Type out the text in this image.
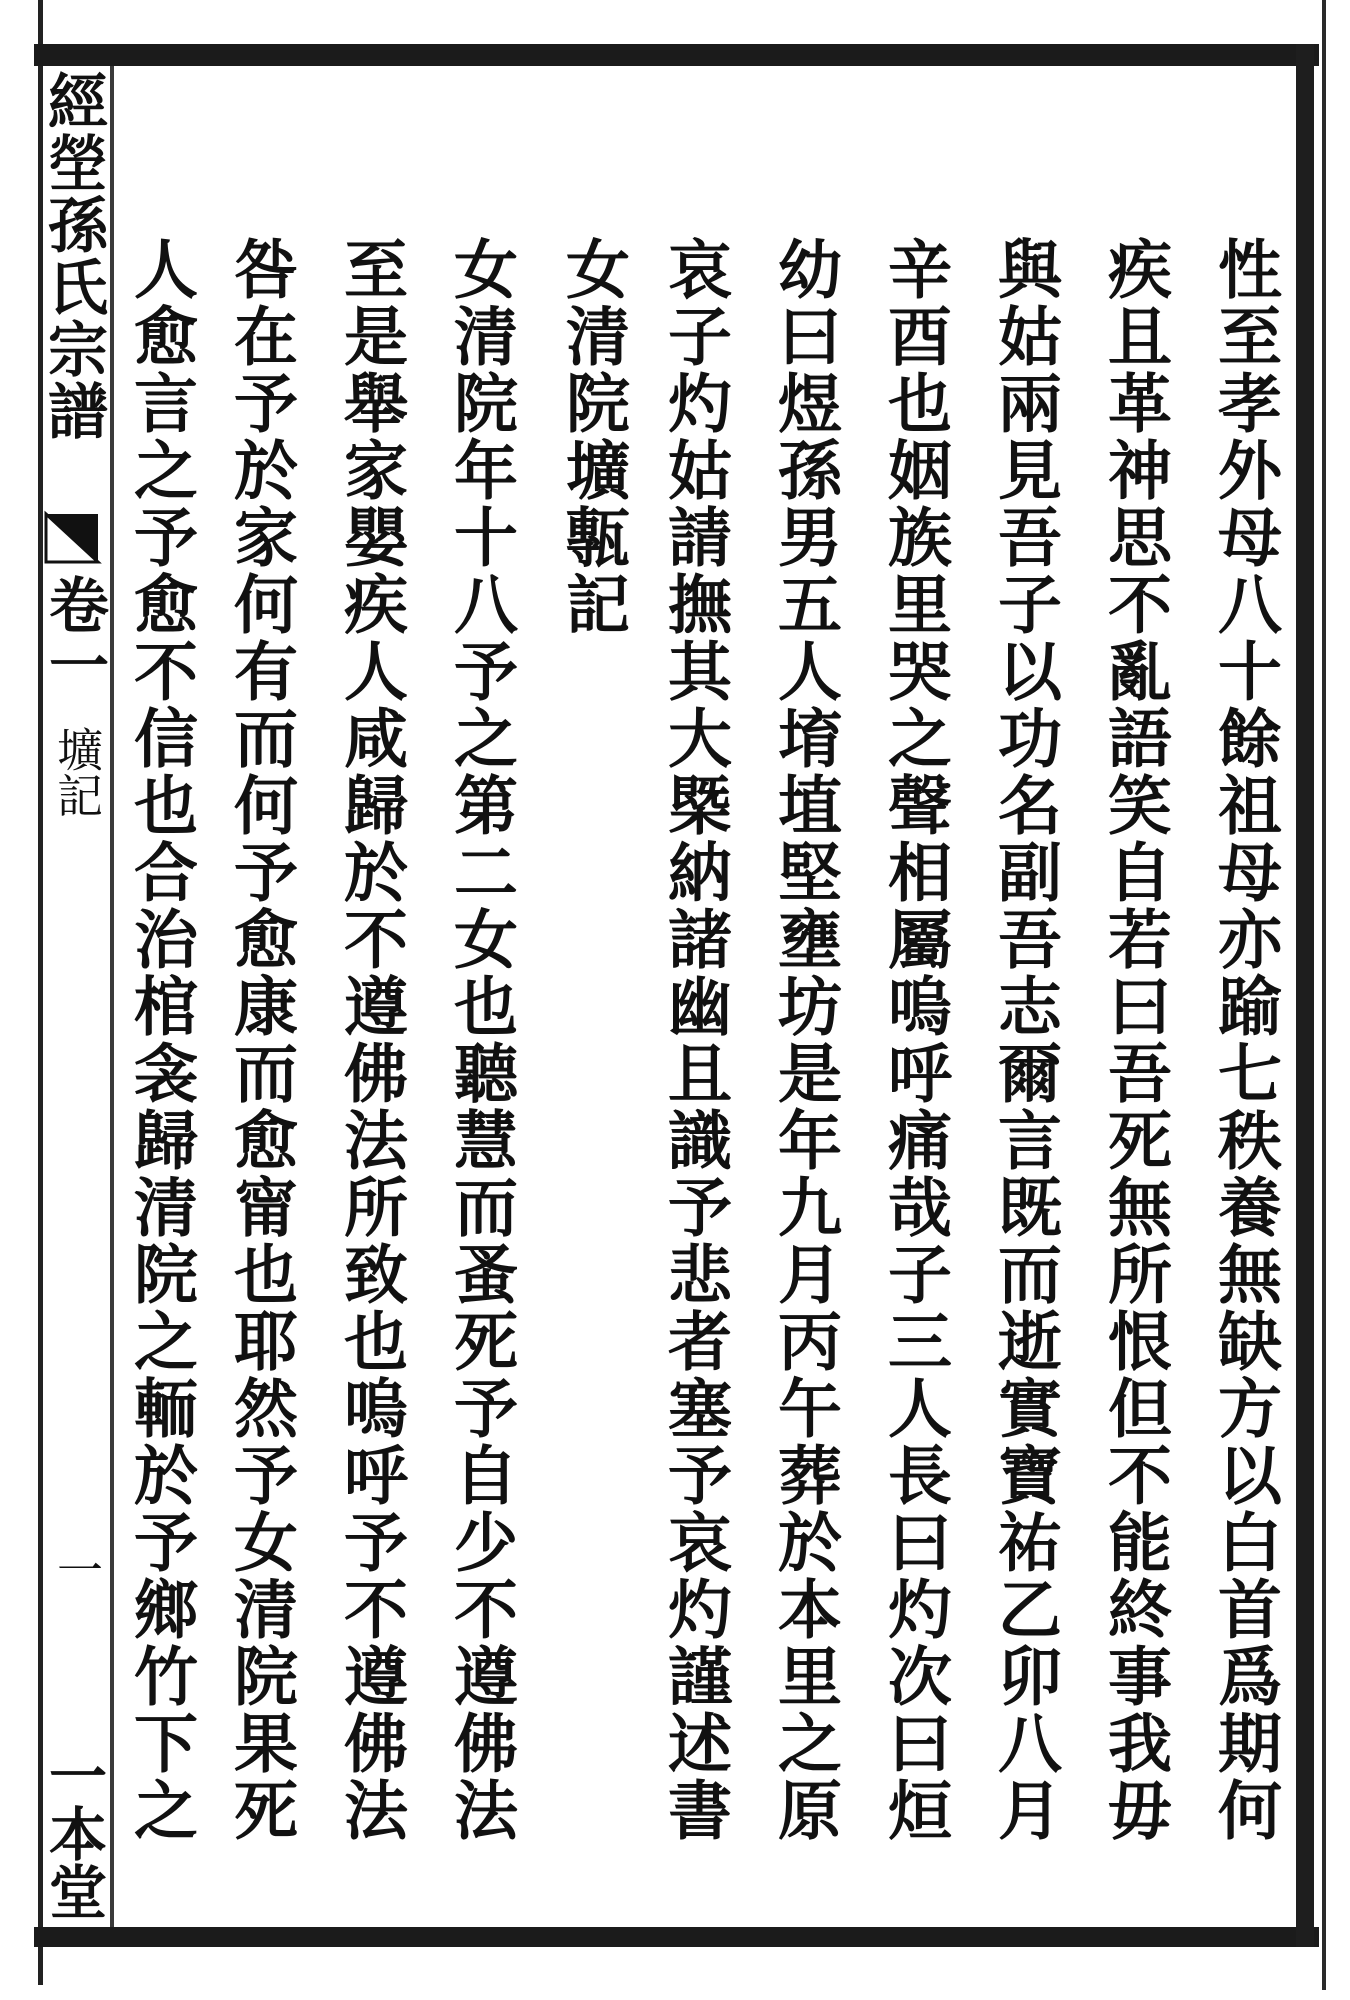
經塋孫氏宗譜
卷一
壙記
一
一本堂	性至孝外母八十餘祖母亦踰七秩養無缺方以白首爲期何
疾且革神思不亂語笑自若曰吾死無所恨但不能終事我毋
與姑兩見吾子以功名副吾志爾言既而逝實寶祐乙卯八月
辛酉也姻族里哭之聲相屬嗚呼痛哉子三人長曰灼次曰烜
幼曰煜孫男五人堉埴堅壅坊是年九月丙午葬於本里之原
哀子灼姑請撫其大槩納諸幽且識予悲者塞予哀灼謹述書
女清院壙甎記
女清院年十八予之第二女也聽慧而蚤死予自少不遵佛法
至是舉家嬰疾人咸歸於不遵佛法所致也嗚呼予不遵佛法
咎在予於家何有而何予愈康而愈甯也耶然予女清院果死
人愈言之予愈不信也合治棺衾歸清院之輀於予鄉竹下之
